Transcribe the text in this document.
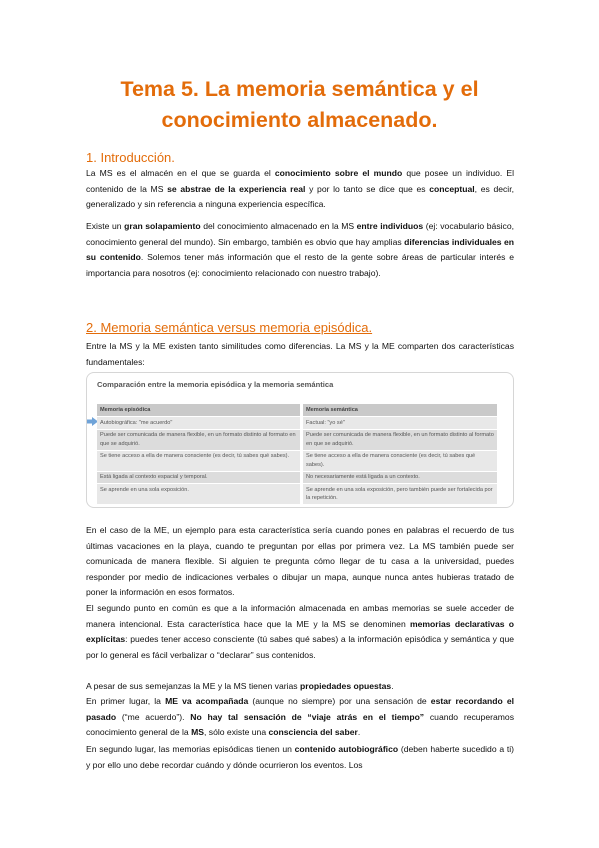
Tema 5. La memoria semántica y el
conocimiento almacenado.
1. Introducción.

La MS es el almacén en el que se guarda el conocimiento sobre el mundo que posee un individuo. El contenido de la MS se abstrae de la experiencia real y por lo tanto se dice que es conceptual, es decir, generalizado y sin referencia a ninguna experiencia específica.

Existe un gran solapamiento del conocimiento almacenado en la MS entre individuos (ej: vocabulario básico, conocimiento general del mundo). Sin embargo, también es obvio que hay amplias diferencias individuales en su contenido. Solemos tener más información que el resto de la gente sobre áreas de particular interés e importancia para nosotros (ej: conocimiento relacionado con nuestro trabajo).

2. Memoria semántica versus memoria episódica.

Entre la MS y la ME existen tanto similitudes como diferencias. La MS y la ME comparten dos características fundamentales:

Comparación entre la memoria episódica y la memoria semántica
Memoria episódica	Memoria semántica
Autobiográfica: "me acuerdo"	Factual: "yo sé"
Puede ser comunicada de manera flexible, en un formato distinto al formato en que se adquirió.	Puede ser comunicada de manera flexible, en un formato distinto al formato en que se adquirió.
Se tiene acceso a ella de manera consciente (es decir, tú sabes qué sabes).	Se tiene acceso a ella de manera consciente (es decir, tú sabes qué sabes).
Está ligada al contexto espacial y temporal.	No necesariamente está ligada a un contexto.
Se aprende en una sola exposición.	Se aprende en una sola exposición, pero también puede ser fortalecida por la repetición.

En el caso de la ME, un ejemplo para esta característica sería cuando pones en palabras el recuerdo de tus últimas vacaciones en la playa, cuando te preguntan por ellas por primera vez. La MS también puede ser comunicada de manera flexible. Si alguien te pregunta cómo llegar de tu casa a la universidad, puedes responder por medio de indicaciones verbales o dibujar un mapa, aunque nunca antes hubieras tratado de poner la información en esos formatos.

El segundo punto en común es que a la información almacenada en ambas memorias se suele acceder de manera intencional. Esta característica hace que la ME y la MS se denominen memorias declarativas o explícitas: puedes tener acceso consciente (tú sabes qué sabes) a la información episódica y semántica y que por lo general es fácil verbalizar o “declarar” sus contenidos.

A pesar de sus semejanzas la ME y la MS tienen varias propiedades opuestas.

En primer lugar, la ME va acompañada (aunque no siempre) por una sensación de estar recordando el pasado (“me acuerdo”). No hay tal sensación de “viaje atrás en el tiempo” cuando recuperamos conocimiento general de la MS, sólo existe una consciencia del saber.

En segundo lugar, las memorias episódicas tienen un contenido autobiográfico (deben haberte sucedido a ti) y por ello uno debe recordar cuándo y dónde ocurrieron los eventos. Los
